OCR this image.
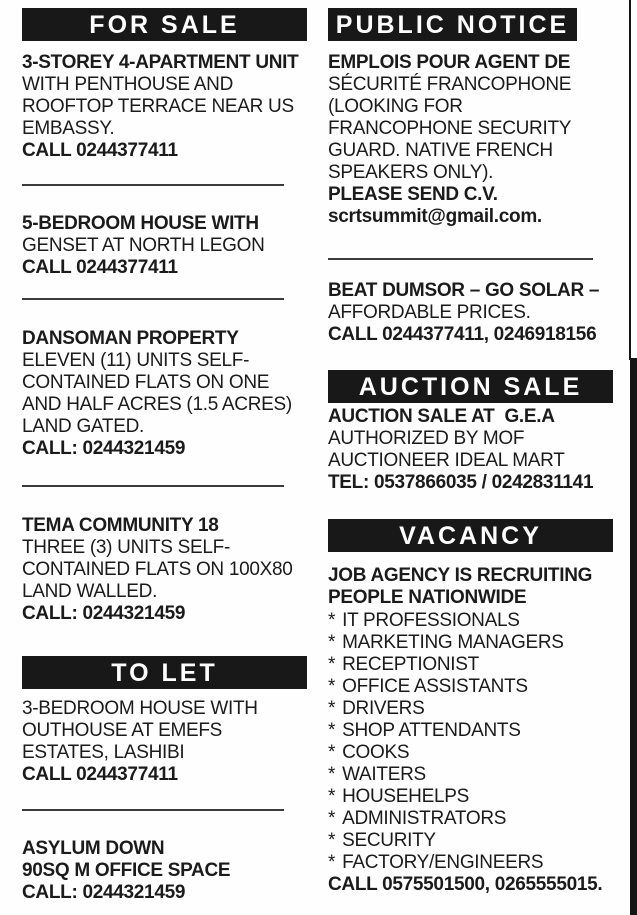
FOR SALE
3-STOREY 4-APARTMENT UNIT
WITH PENTHOUSE AND
ROOFTOP TERRACE NEAR US
EMBASSY.
CALL 0244377411
5-BEDROOM HOUSE WITH
GENSET AT NORTH LEGON
CALL 0244377411
DANSOMAN PROPERTY
ELEVEN (11) UNITS SELF-
CONTAINED FLATS ON ONE
AND HALF ACRES (1.5 ACRES)
LAND GATED.
CALL: 0244321459
TEMA COMMUNITY 18
THREE (3) UNITS SELF-
CONTAINED FLATS ON 100X80
LAND WALLED.
CALL: 0244321459
TO LET
3-BEDROOM HOUSE WITH
OUTHOUSE AT EMEFS
ESTATES, LASHIBI
CALL 0244377411
ASYLUM DOWN
90SQ M OFFICE SPACE
CALL: 0244321459
PUBLIC NOTICE
EMPLOIS POUR AGENT DE
SÉCURITÉ FRANCOPHONE
(LOOKING FOR
FRANCOPHONE SECURITY
GUARD. NATIVE FRENCH
SPEAKERS ONLY).
PLEASE SEND C.V.
scrtsummit@gmail.com.
BEAT DUMSOR – GO SOLAR –
AFFORDABLE PRICES.
CALL 0244377411, 0246918156
AUCTION SALE
AUCTION SALE AT  G.E.A
AUTHORIZED BY MOF
AUCTIONEER IDEAL MART
TEL: 0537866035 / 0242831141
VACANCY
JOB AGENCY IS RECRUITING
PEOPLE NATIONWIDE
* IT PROFESSIONALS
* MARKETING MANAGERS
* RECEPTIONIST
* OFFICE ASSISTANTS
* DRIVERS
* SHOP ATTENDANTS
* COOKS
* WAITERS
* HOUSEHELPS
* ADMINISTRATORS
* SECURITY
* FACTORY/ENGINEERS
CALL 0575501500, 0265555015.
